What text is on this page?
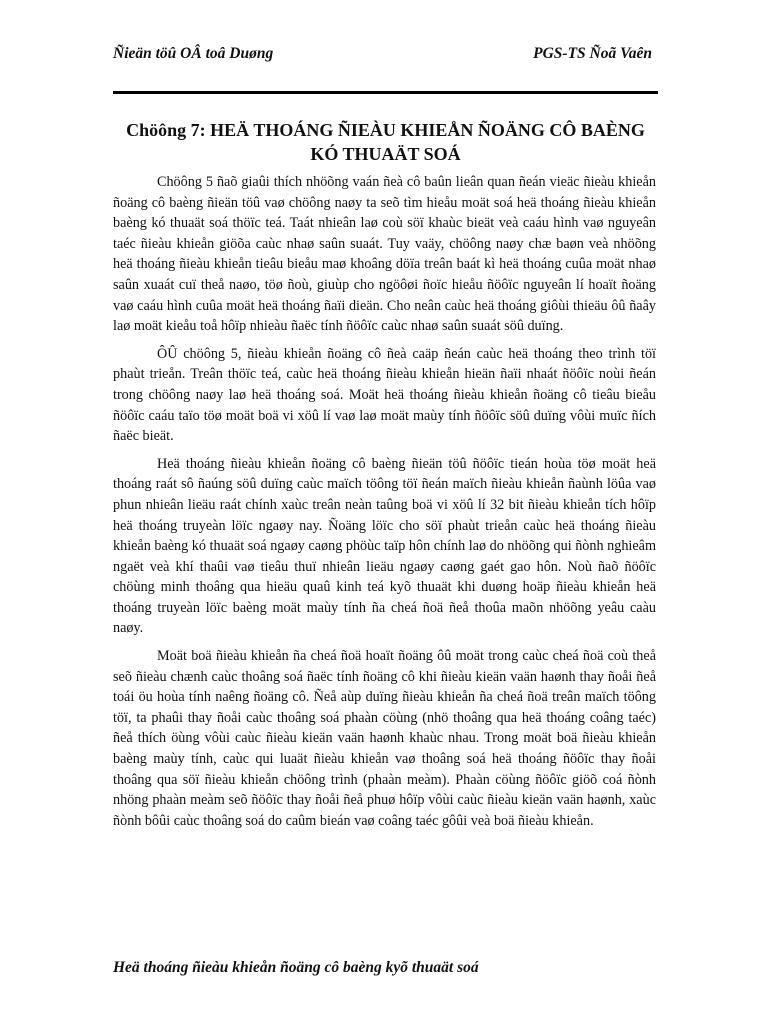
Ñieän töû OÂ toâ Duøng	PGS-TS Ñoã Vaên
Chöông 7: HEÄ THOÁNG ÑIEÀU KHIEÅN ÑOÄNG CÔ BAÈNG KÓ THUAÄT SOÁ

Chöông 5 ñaõ giaûi thích nhöõng vaán ñeà cô baûn lieân quan ñeán vieäc ñieàu khieån ñoäng cô baèng ñieän töû vaø chöông naøy ta seõ tìm hieåu moät soá heä thoáng ñieàu khieån baèng kó thuaät soá thöïc teá. Taát nhieân laø coù söï khaùc bieät veà caáu hình vaø nguyeân taéc ñieàu khieån giöõa caùc nhaø saûn suaát. Tuy vaäy, chöông naøy chæ baøn veà nhöõng heä thoáng ñieàu khieån tieâu bieåu maø khoâng döïa treân baát kì heä thoáng cuûa moät nhaø saûn xuaát cuï theå naøo, töø ñoù, giuùp cho ngöôøi ñoïc hieåu ñöôïc nguyeân lí hoaït ñoäng vaø caáu hình cuûa moät heä thoáng ñaïi dieän. Cho neân caùc heä thoáng giôùi thieäu ôû ñaây laø moät kieåu toå hôïp nhieàu ñaëc tính ñöôïc caùc nhaø saûn suaát söû duïng.

ÔÛ chöông 5, ñieàu khieån ñoäng cô ñeà caäp ñeán caùc heä thoáng theo trình töï phaùt trieån. Treân thöïc teá, caùc heä thoáng ñieàu khieån hieän ñaïi nhaát ñöôïc noùi ñeán trong chöông naøy laø heä thoáng soá. Moät heä thoáng ñieàu khieån ñoäng cô tieâu bieåu ñöôïc caáu taïo töø moät boä vi xöû lí vaø laø moät maùy tính ñöôïc söû duïng vôùi muïc ñích ñaëc bieät.

Heä thoáng ñieàu khieån ñoäng cô baèng ñieän töû ñöôïc tieán hoùa töø moät heä thoáng raát sô ñaúng söû duïng caùc maïch töông töï ñeán maïch ñieàu khieån ñaùnh löûa vaø phun nhieân lieäu raát chính xaùc treân neàn taûng boä vi xöû lí 32 bit ñieàu khieån tích hôïp heä thoáng truyeàn löïc ngaøy nay. Ñoäng löïc cho söï phaùt trieån caùc heä thoáng ñieàu khieån baèng kó thuaät soá ngaøy caøng phöùc taïp hôn chính laø do nhöõng qui ñònh nghieâm ngaët veà khí thaûi vaø tieâu thuï nhieân lieäu ngaøy caøng gaét gao hôn. Noù ñaõ ñöôïc chöùng minh thoâng qua hieäu quaû kinh teá kyõ thuaät khi duøng hoäp ñieàu khieån heä thoáng truyeàn löïc baèng moät maùy tính ña cheá ñoä ñeå thoûa maõn nhöõng yeâu caàu naøy.

Moät boä ñieàu khieån ña cheá ñoä hoaït ñoäng ôû moät trong caùc cheá ñoä coù theå seõ ñieàu chænh caùc thoâng soá ñaëc tính ñoäng cô khi ñieàu kieän vaän haønh thay ñoåi ñeå toái öu hoùa tính naêng ñoäng cô. Ñeå aùp duïng ñieàu khieån ña cheá ñoä treân maïch töông töï, ta phaûi thay ñoåi caùc thoâng soá phaàn cöùng (nhö thoâng qua heä thoáng coâng taéc) ñeå thích öùng vôùi caùc ñieàu kieän vaän haønh khaùc nhau. Trong moät boä ñieàu khieån baèng maùy tính, caùc qui luaät ñieàu khieån vaø thoâng soá heä thoáng ñöôïc thay ñoåi thoâng qua söï ñieàu khieån chöông trình (phaàn meàm). Phaàn cöùng ñöôïc giöõ coá ñònh nhöng phaàn meàm seõ ñöôïc thay ñoåi ñeå phuø hôïp vôùi caùc ñieàu kieän vaän haønh, xaùc ñònh bôûi caùc thoâng soá do caûm bieán vaø coâng taéc gôûi veà boä ñieàu khieån.

Heä thoáng ñieàu khieån ñoäng cô baèng kyõ thuaät soá
